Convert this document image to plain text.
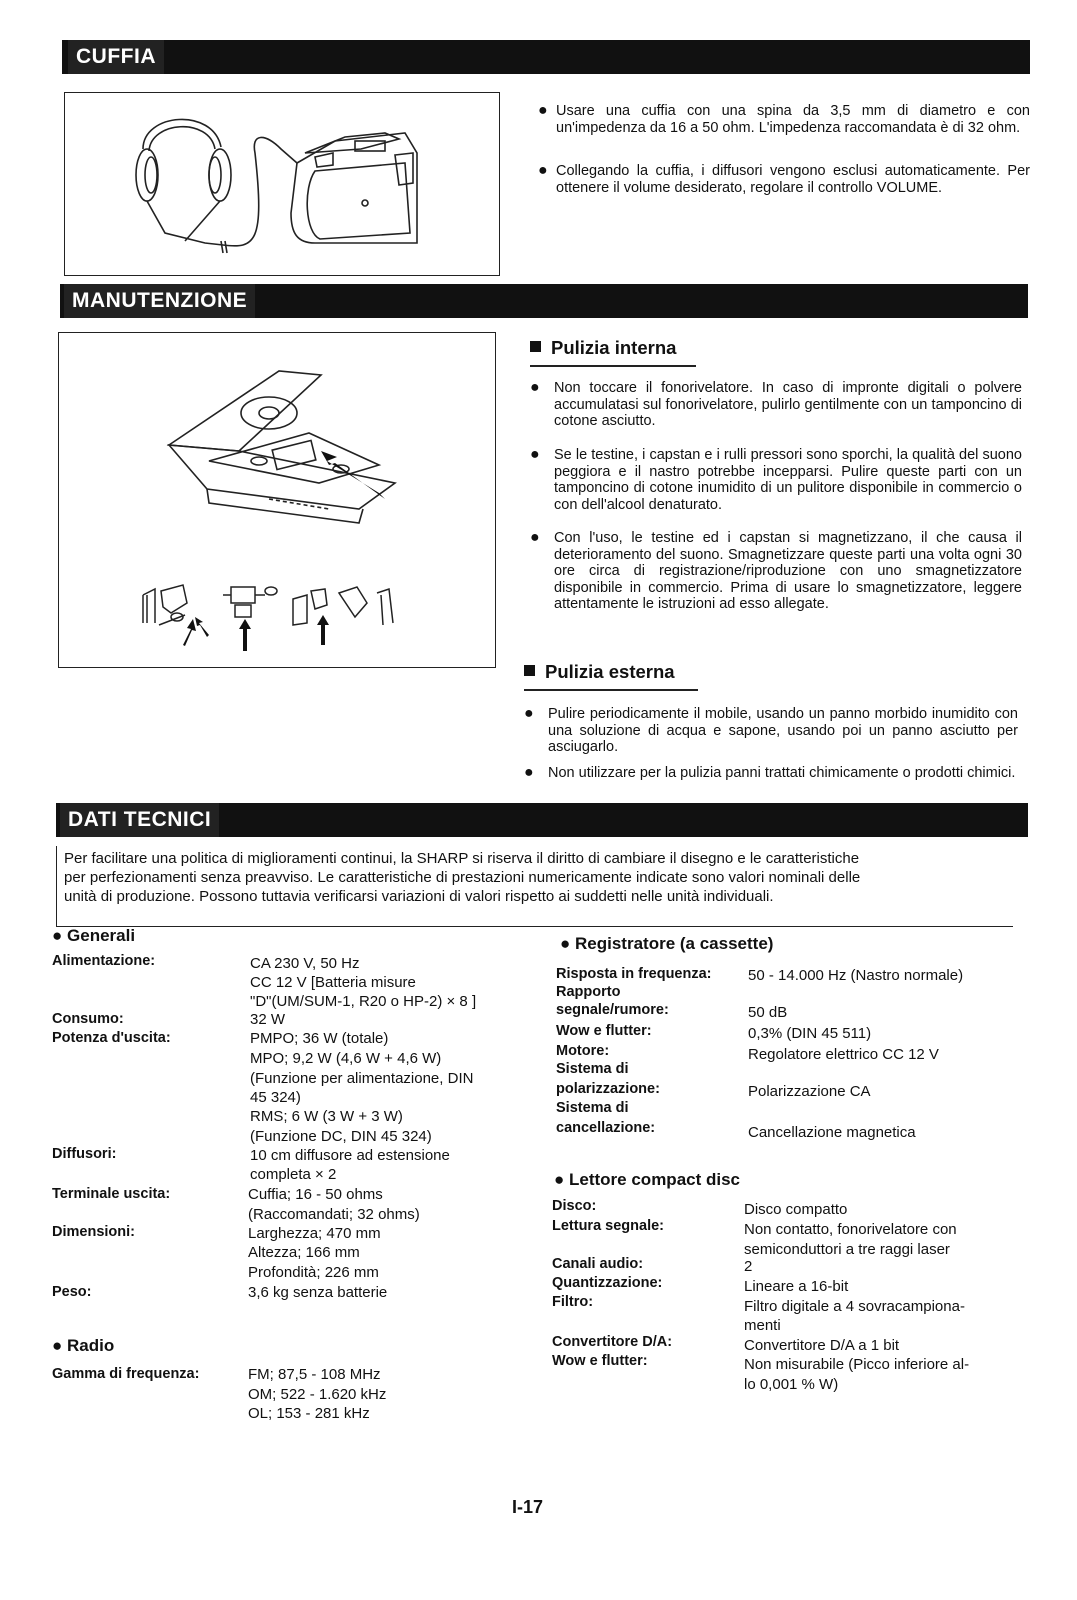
CUFFIA
● Usare una cuffia con una spina da 3,5 mm di diametro e con un'impedenza da 16 a 50 ohm. L'impedenza raccomandata è di 32 ohm.
● Collegando la cuffia, i diffusori vengono esclusi automaticamente. Per ottenere il volume desiderato, regolare il controllo VOLUME.
MANUTENZIONE
Pulizia interna
● Non toccare il fonorivelatore. In caso di impronte digitali o polvere accumulatasi sul fonorivelatore, pulirlo gentilmente con un tamponcino di cotone asciutto.
● Se le testine, i capstan e i rulli pressori sono sporchi, la qualità del suono peggiora e il nastro potrebbe incepparsi. Pulire queste parti con un tamponcino di cotone inumidito di un pulitore disponibile in commercio o con dell'alcool denaturato.
● Con l'uso, le testine ed i capstan si magnetizzano, il che causa il deterioramento del suono. Smagnetizzare queste parti una volta ogni 30 ore circa di registrazione/riproduzione con uno smagnetizzatore disponibile in commercio. Prima di usare lo smagnetizzatore, leggere attentamente le istruzioni ad esso allegate.
Pulizia esterna
● Pulire periodicamente il mobile, usando un panno morbido inumidito con una soluzione di acqua e sapone, usando poi un panno asciutto per asciugarlo.
● Non utilizzare per la pulizia panni trattati chimicamente o prodotti chimici.
DATI TECNICI
Per facilitare una politica di miglioramenti continui, la SHARP si riserva il diritto di cambiare il disegno e le caratteristiche
per perfezionamenti senza preavviso. Le caratteristiche di prestazioni numericamente indicate sono valori nominali delle
unità di produzione. Possono tuttavia verificarsi variazioni di valori rispetto ai suddetti nelle unità individuali.
● Generali
Alimentazione:	CA 230 V, 50 Hz
CC 12 V [Batteria misure
"D"(UM/SUM-1, R20 o HP-2) × 8 ]
Consumo:	32 W
Potenza d'uscita:	PMPO; 36 W (totale)
MPO; 9,2 W (4,6 W + 4,6 W)
(Funzione per alimentazione, DIN
45 324)
RMS; 6 W (3 W + 3 W)
(Funzione DC, DIN 45 324)
Diffusori:	10 cm diffusore ad estensione
completa × 2
Terminale uscita:	Cuffia; 16 - 50 ohms
(Raccomandati; 32 ohms)
Dimensioni:	Larghezza; 470 mm
Altezza; 166 mm
Profondità; 226 mm
Peso:	3,6 kg senza batterie
● Radio
Gamma di frequenza:	FM; 87,5 - 108 MHz
OM; 522 - 1.620 kHz
OL; 153 - 281 kHz
● Registratore (a cassette)
Risposta in frequenza: 50 - 14.000 Hz (Nastro normale)
Rapporto
segnale/rumore:	50 dB
Wow e flutter:	0,3% (DIN 45 511)
Motore:	Regolatore elettrico CC 12 V
Sistema di
polarizzazione:	Polarizzazione CA
Sistema di
cancellazione:	Cancellazione magnetica
● Lettore compact disc
Disco:	Disco compatto
Lettura segnale:	Non contatto, fonorivelatore con
semiconduttori a tre raggi laser
Canali audio:	2
Quantizzazione:	Lineare a 16-bit
Filtro:	Filtro digitale a 4 sovracampiona-
menti
Convertitore D/A:	Convertitore D/A a 1 bit
Wow e flutter:	Non misurabile (Picco inferiore al-
lo 0,001 % W)
I-17
